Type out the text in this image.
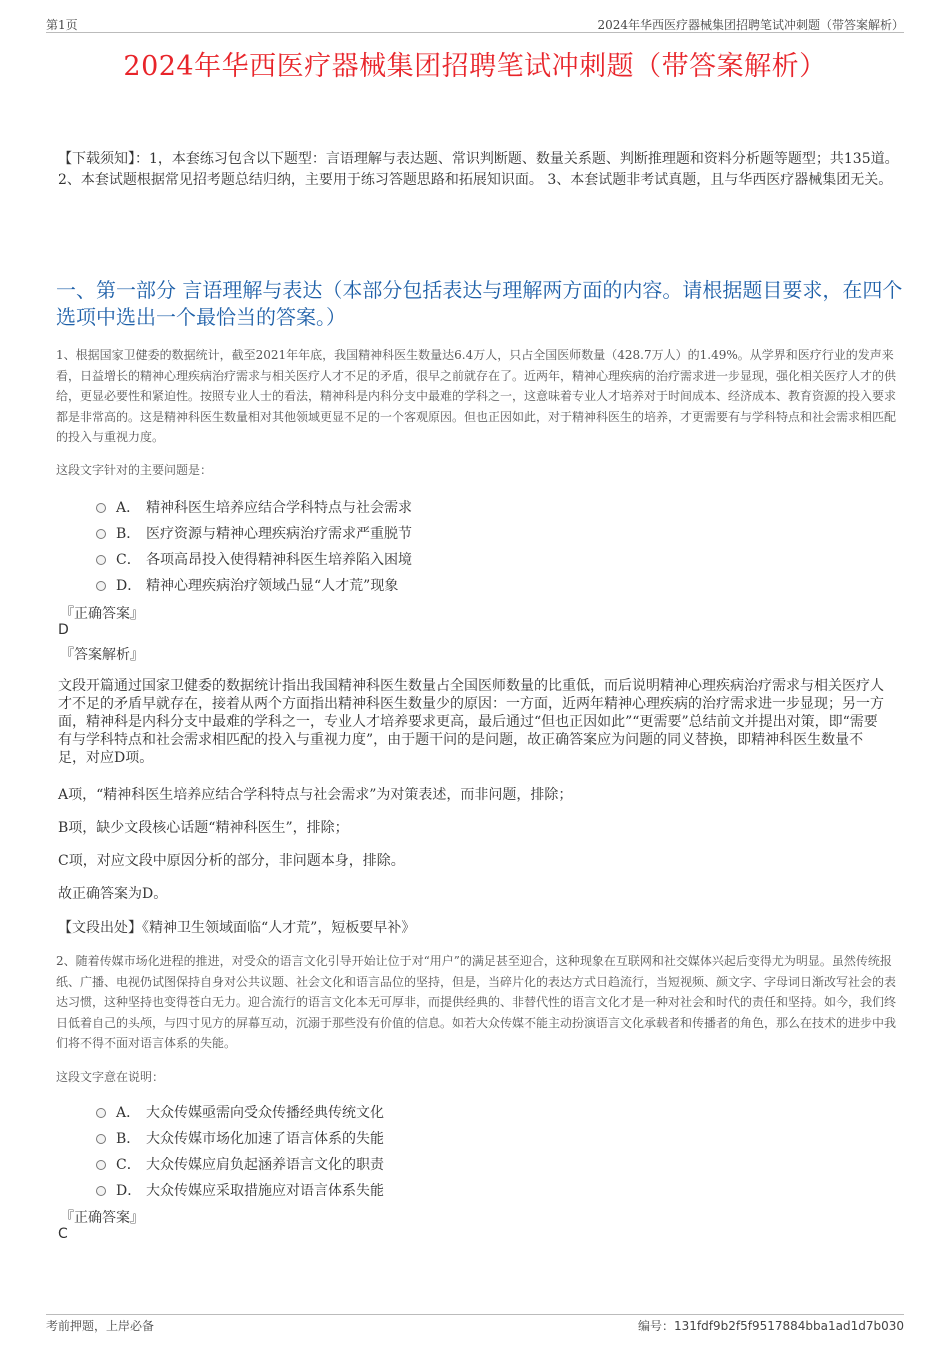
第1页	2024年华西医疗器械集团招聘笔试冲刺题（带答案解析）
2024年华西医疗器械集团招聘笔试冲刺题（带答案解析）
【下载须知】：1，本套练习包含以下题型：言语理解与表达题、常识判断题、数量关系题、判断推理题和资料分析题等题型；共135道。 2、本套试题根据常见招考题总结归纳，主要用于练习答题思路和拓展知识面。 3、本套试题非考试真题，且与华西医疗器械集团无关。
一、第一部分 言语理解与表达（本部分包括表达与理解两方面的内容。请根据题目要求，在四个选项中选出一个最恰当的答案。）
1、根据国家卫健委的数据统计，截至2021年年底，我国精神科医生数量达6.4万人，只占全国医师数量（428.7万人）的1.49%。从学界和医疗行业的发声来看，日益增长的精神心理疾病治疗需求与相关医疗人才不足的矛盾，很早之前就存在了。近两年，精神心理疾病的治疗需求进一步显现，强化相关医疗人才的供给，更显必要性和紧迫性。按照专业人士的看法，精神科是内科分支中最难的学科之一，这意味着专业人才培养对于时间成本、经济成本、教育资源的投入要求都是非常高的。这是精神科医生数量相对其他领域更显不足的一个客观原因。但也正因如此，对于精神科医生的培养，才更需要有与学科特点和社会需求相匹配的投入与重视力度。
这段文字针对的主要问题是：
A． 精神科医生培养应结合学科特点与社会需求
B． 医疗资源与精神心理疾病治疗需求严重脱节
C． 各项高昂投入使得精神科医生培养陷入困境
D． 精神心理疾病治疗领域凸显“人才荒”现象
『正确答案』
D
『答案解析』
文段开篇通过国家卫健委的数据统计指出我国精神科医生数量占全国医师数量的比重低，而后说明精神心理疾病治疗需求与相关医疗人才不足的矛盾早就存在，接着从两个方面指出精神科医生数量少的原因：一方面，近两年精神心理疾病的治疗需求进一步显现；另一方面，精神科是内科分支中最难的学科之一，专业人才培养要求更高，最后通过“但也正因如此”“更需要”总结前文并提出对策，即“需要有与学科特点和社会需求相匹配的投入与重视力度”，由于题干问的是问题，故正确答案应为问题的同义替换，即精神科医生数量不足，对应D项。
A项，“精神科医生培养应结合学科特点与社会需求”为对策表述，而非问题，排除；
B项，缺少文段核心话题“精神科医生”，排除；
C项，对应文段中原因分析的部分，非问题本身，排除。
故正确答案为D。
【文段出处】《精神卫生领域面临“人才荒”，短板要早补》
2、随着传媒市场化进程的推进，对受众的语言文化引导开始让位于对“用户”的满足甚至迎合，这种现象在互联网和社交媒体兴起后变得尤为明显。虽然传统报纸、广播、电视仍试图保持自身对公共议题、社会文化和语言品位的坚持，但是，当碎片化的表达方式日趋流行，当短视频、颜文字、字母词日渐改写社会的表达习惯，这种坚持也变得苍白无力。迎合流行的语言文化本无可厚非，而提供经典的、非替代性的语言文化才是一种对社会和时代的责任和坚持。如今，我们终日低着自己的头颅，与四寸见方的屏幕互动，沉溺于那些没有价值的信息。如若大众传媒不能主动扮演语言文化承载者和传播者的角色，那么在技术的进步中我们将不得不面对语言体系的失能。
这段文字意在说明：
A． 大众传媒亟需向受众传播经典传统文化
B． 大众传媒市场化加速了语言体系的失能
C． 大众传媒应肩负起涵养语言文化的职责
D． 大众传媒应采取措施应对语言体系失能
『正确答案』
C
考前押题，上岸必备	编号：131fdf9b2f5f9517884bba1ad1d7b030
